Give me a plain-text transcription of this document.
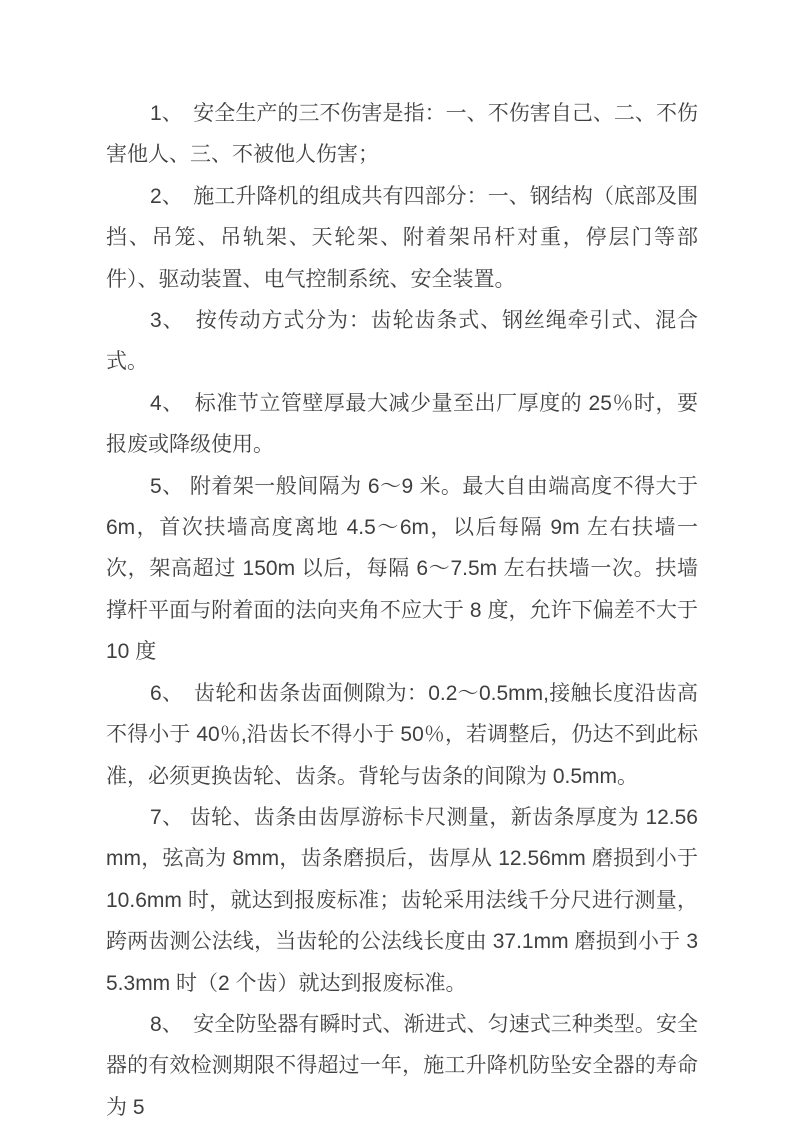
1、　安全生产的三不伤害是指：一、不伤害自己、二、不伤害他人、三、不被他人伤害；

2、　施工升降机的组成共有四部分：一、钢结构（底部及围挡、吊笼、吊轨架、天轮架、附着架吊杆对重，停层门等部件）、驱动装置、电气控制系统、安全装置。

3、　按传动方式分为：齿轮齿条式、钢丝绳牵引式、混合式。

4、　标准节立管壁厚最大减少量至出厂厚度的 25％时，要报废或降级使用。

5、 附着架一般间隔为 6～9 米。最大自由端高度不得大于 6m，首次扶墙高度离地 4.5～6m，以后每隔 9m 左右扶墙一次，架高超过 150m 以后，每隔 6～7.5m 左右扶墙一次。扶墙撑杆平面与附着面的法向夹角不应大于 8 度，允许下偏差不大于 10 度

6、　齿轮和齿条齿面侧隙为：0.2～0.5mm,接触长度沿齿高不得小于 40％,沿齿长不得小于 50％，若调整后，仍达不到此标准，必须更换齿轮、齿条。背轮与齿条的间隙为 0.5mm。

7、 齿轮、齿条由齿厚游标卡尺测量，新齿条厚度为 12.56mm，弦高为 8mm，齿条磨损后，齿厚从 12.56mm 磨损到小于 10.6mm 时，就达到报废标准；齿轮采用法线千分尺进行测量，跨两齿测公法线，当齿轮的公法线长度由 37.1mm 磨损到小于 35.3mm 时（2 个齿）就达到报废标准。

8、　安全防坠器有瞬时式、渐进式、匀速式三种类型。安全器的有效检测期限不得超过一年，施工升降机防坠安全器的寿命为 5
